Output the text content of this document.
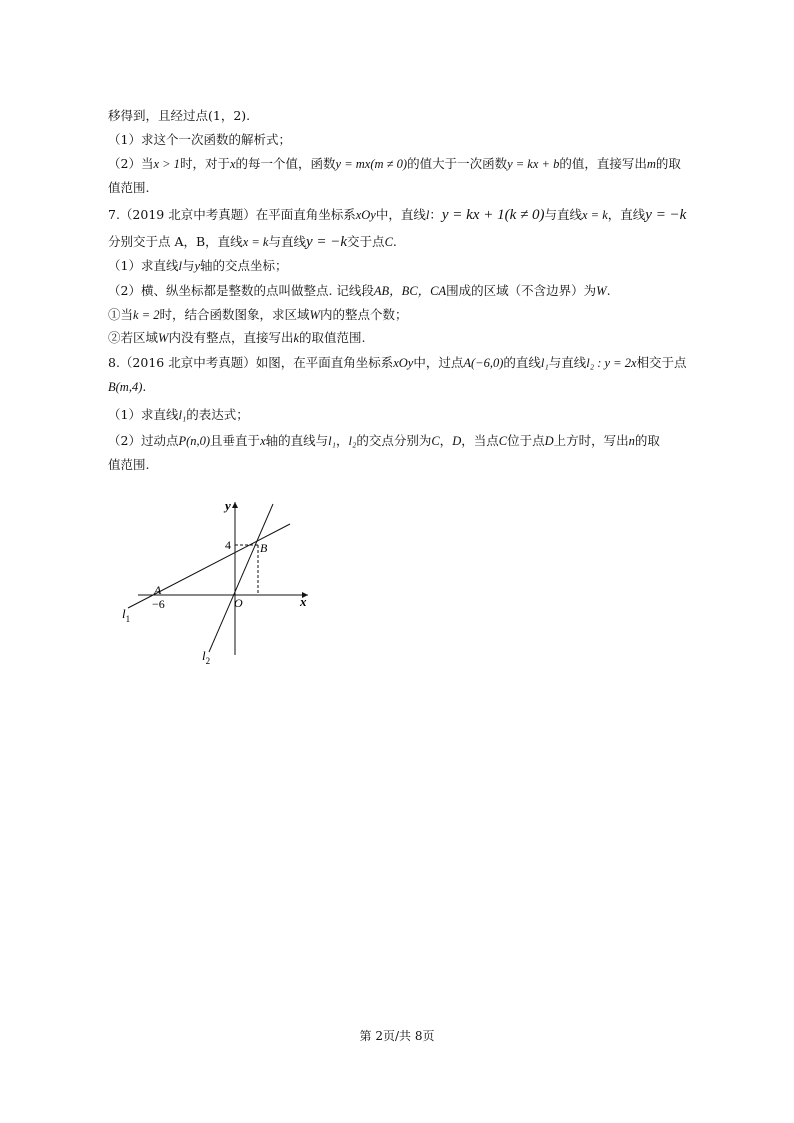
移得到，且经过点(1，2).
（1）求这个一次函数的解析式；
（2）当x > 1时，对于x的每一个值，函数y = mx(m ≠ 0)的值大于一次函数y = kx + b的值，直接写出m的取
值范围.
7.（2019 北京中考真题）在平面直角坐标系xOy中，直线l：y = kx + 1(k ≠ 0)与直线x = k，直线y = −k
分别交于点 A，B，直线x = k与直线y = −k交于点C.
（1）求直线l与y轴的交点坐标；
（2）横、纵坐标都是整数的点叫做整点. 记线段AB，BC，CA围成的区域（不含边界）为W.
①当k = 2时，结合函数图象，求区域W内的整点个数；
②若区域W内没有整点，直接写出k的取值范围.
8.（2016 北京中考真题）如图，在平面直角坐标系xOy中，过点A(−6,0)的直线l₁与直线l₂ : y = 2x相交于点
B(m,4).
（1）求直线l₁的表达式；
（2）过动点P(n,0)且垂直于x轴的直线与l₁，l₂的交点分别为C，D，当点C位于点D上方时，写出n的取
值范围.
y
x
4 B
A
−6	O
$l_1$
$l_2$
第 2页/共 8页
